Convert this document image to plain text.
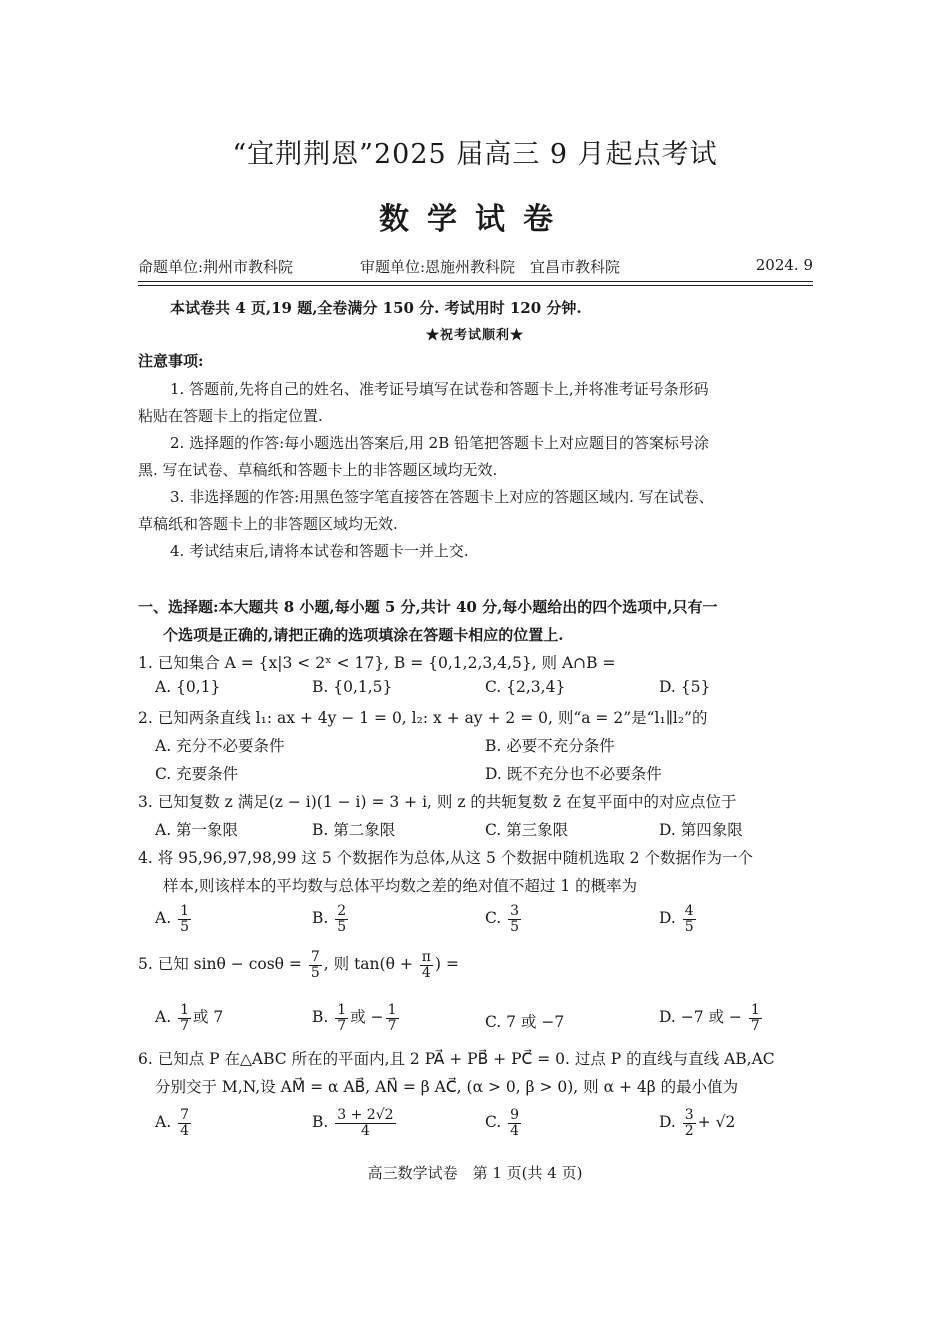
“宜荆荆恩”2025 届高三 9 月起点考试
数学试卷
命题单位:荆州市教科院	审题单位:恩施州教科院　宜昌市教科院	2024. 9
本试卷共 4 页,19 题,全卷满分 150 分. 考试用时 120 分钟.
★祝考试顺利★
注意事项:
1. 答题前,先将自己的姓名、准考证号填写在试卷和答题卡上,并将准考证号条形码
粘贴在答题卡上的指定位置.
2. 选择题的作答:每小题选出答案后,用 2B 铅笔把答题卡上对应题目的答案标号涂
黑. 写在试卷、草稿纸和答题卡上的非答题区域均无效.
3. 非选择题的作答:用黑色签字笔直接答在答题卡上对应的答题区域内. 写在试卷、
草稿纸和答题卡上的非答题区域均无效.
4. 考试结束后,请将本试卷和答题卡一并上交.
一、选择题:本大题共 8 小题,每小题 5 分,共计 40 分,每小题给出的四个选项中,只有一
个选项是正确的,请把正确的选项填涂在答题卡相应的位置上.
1. 已知集合 A = {x|3 < 2ˣ < 17}, B = {0,1,2,3,4,5}, 则 A∩B =
A. {0,1}	B. {0,1,5}	C. {2,3,4}	D. {5}
2. 已知两条直线 l₁: ax + 4y − 1 = 0, l₂: x + ay + 2 = 0, 则“a = 2”是“l₁∥l₂”的
A. 充分不必要条件	B. 必要不充分条件
C. 充要条件	D. 既不充分也不必要条件
3. 已知复数 z 满足(z − i)(1 − i) = 3 + i, 则 z 的共轭复数 z̄ 在复平面中的对应点位于
A. 第一象限	B. 第二象限	C. 第三象限	D. 第四象限
4. 将 95,96,97,98,99 这 5 个数据作为总体,从这 5 个数据中随机选取 2 个数据作为一个
样本,则该样本的平均数与总体平均数之差的绝对值不超过 1 的概率为
A. $\frac{1}{5}$	B. $\frac{2}{5}$	C. $\frac{3}{5}$	D. $\frac{4}{5}$
5. 已知 $\sin\theta - \cos\theta = \frac{7}{5}$ , 则 $\tan(\theta + \frac{\pi}{4}$ ) =
A. $\frac{1}{7}$ 或 7	B. $\frac{1}{7}$ 或 − $\frac{1}{7}$	C. 7 或 −7	D. −7 或 − $\frac{1}{7}$
6. 已知点 P 在△ABC 所在的平面内,且 2 PA⃗ + PB⃗ + PC⃗ = 0. 过点 P 的直线与直线 AB,AC
分别交于 M,N,设 AM⃗ = α AB⃗, AN⃗ = β AC⃗, (α > 0, β > 0), 则 α + 4β 的最小值为
A. $\frac{7}{4}$	B. $\frac{3 + 2√2}{4}$	C. $\frac{9}{4}$	D. $\frac{3}{2} + √2$
高三数学试卷　第 1 页(共 4 页)
